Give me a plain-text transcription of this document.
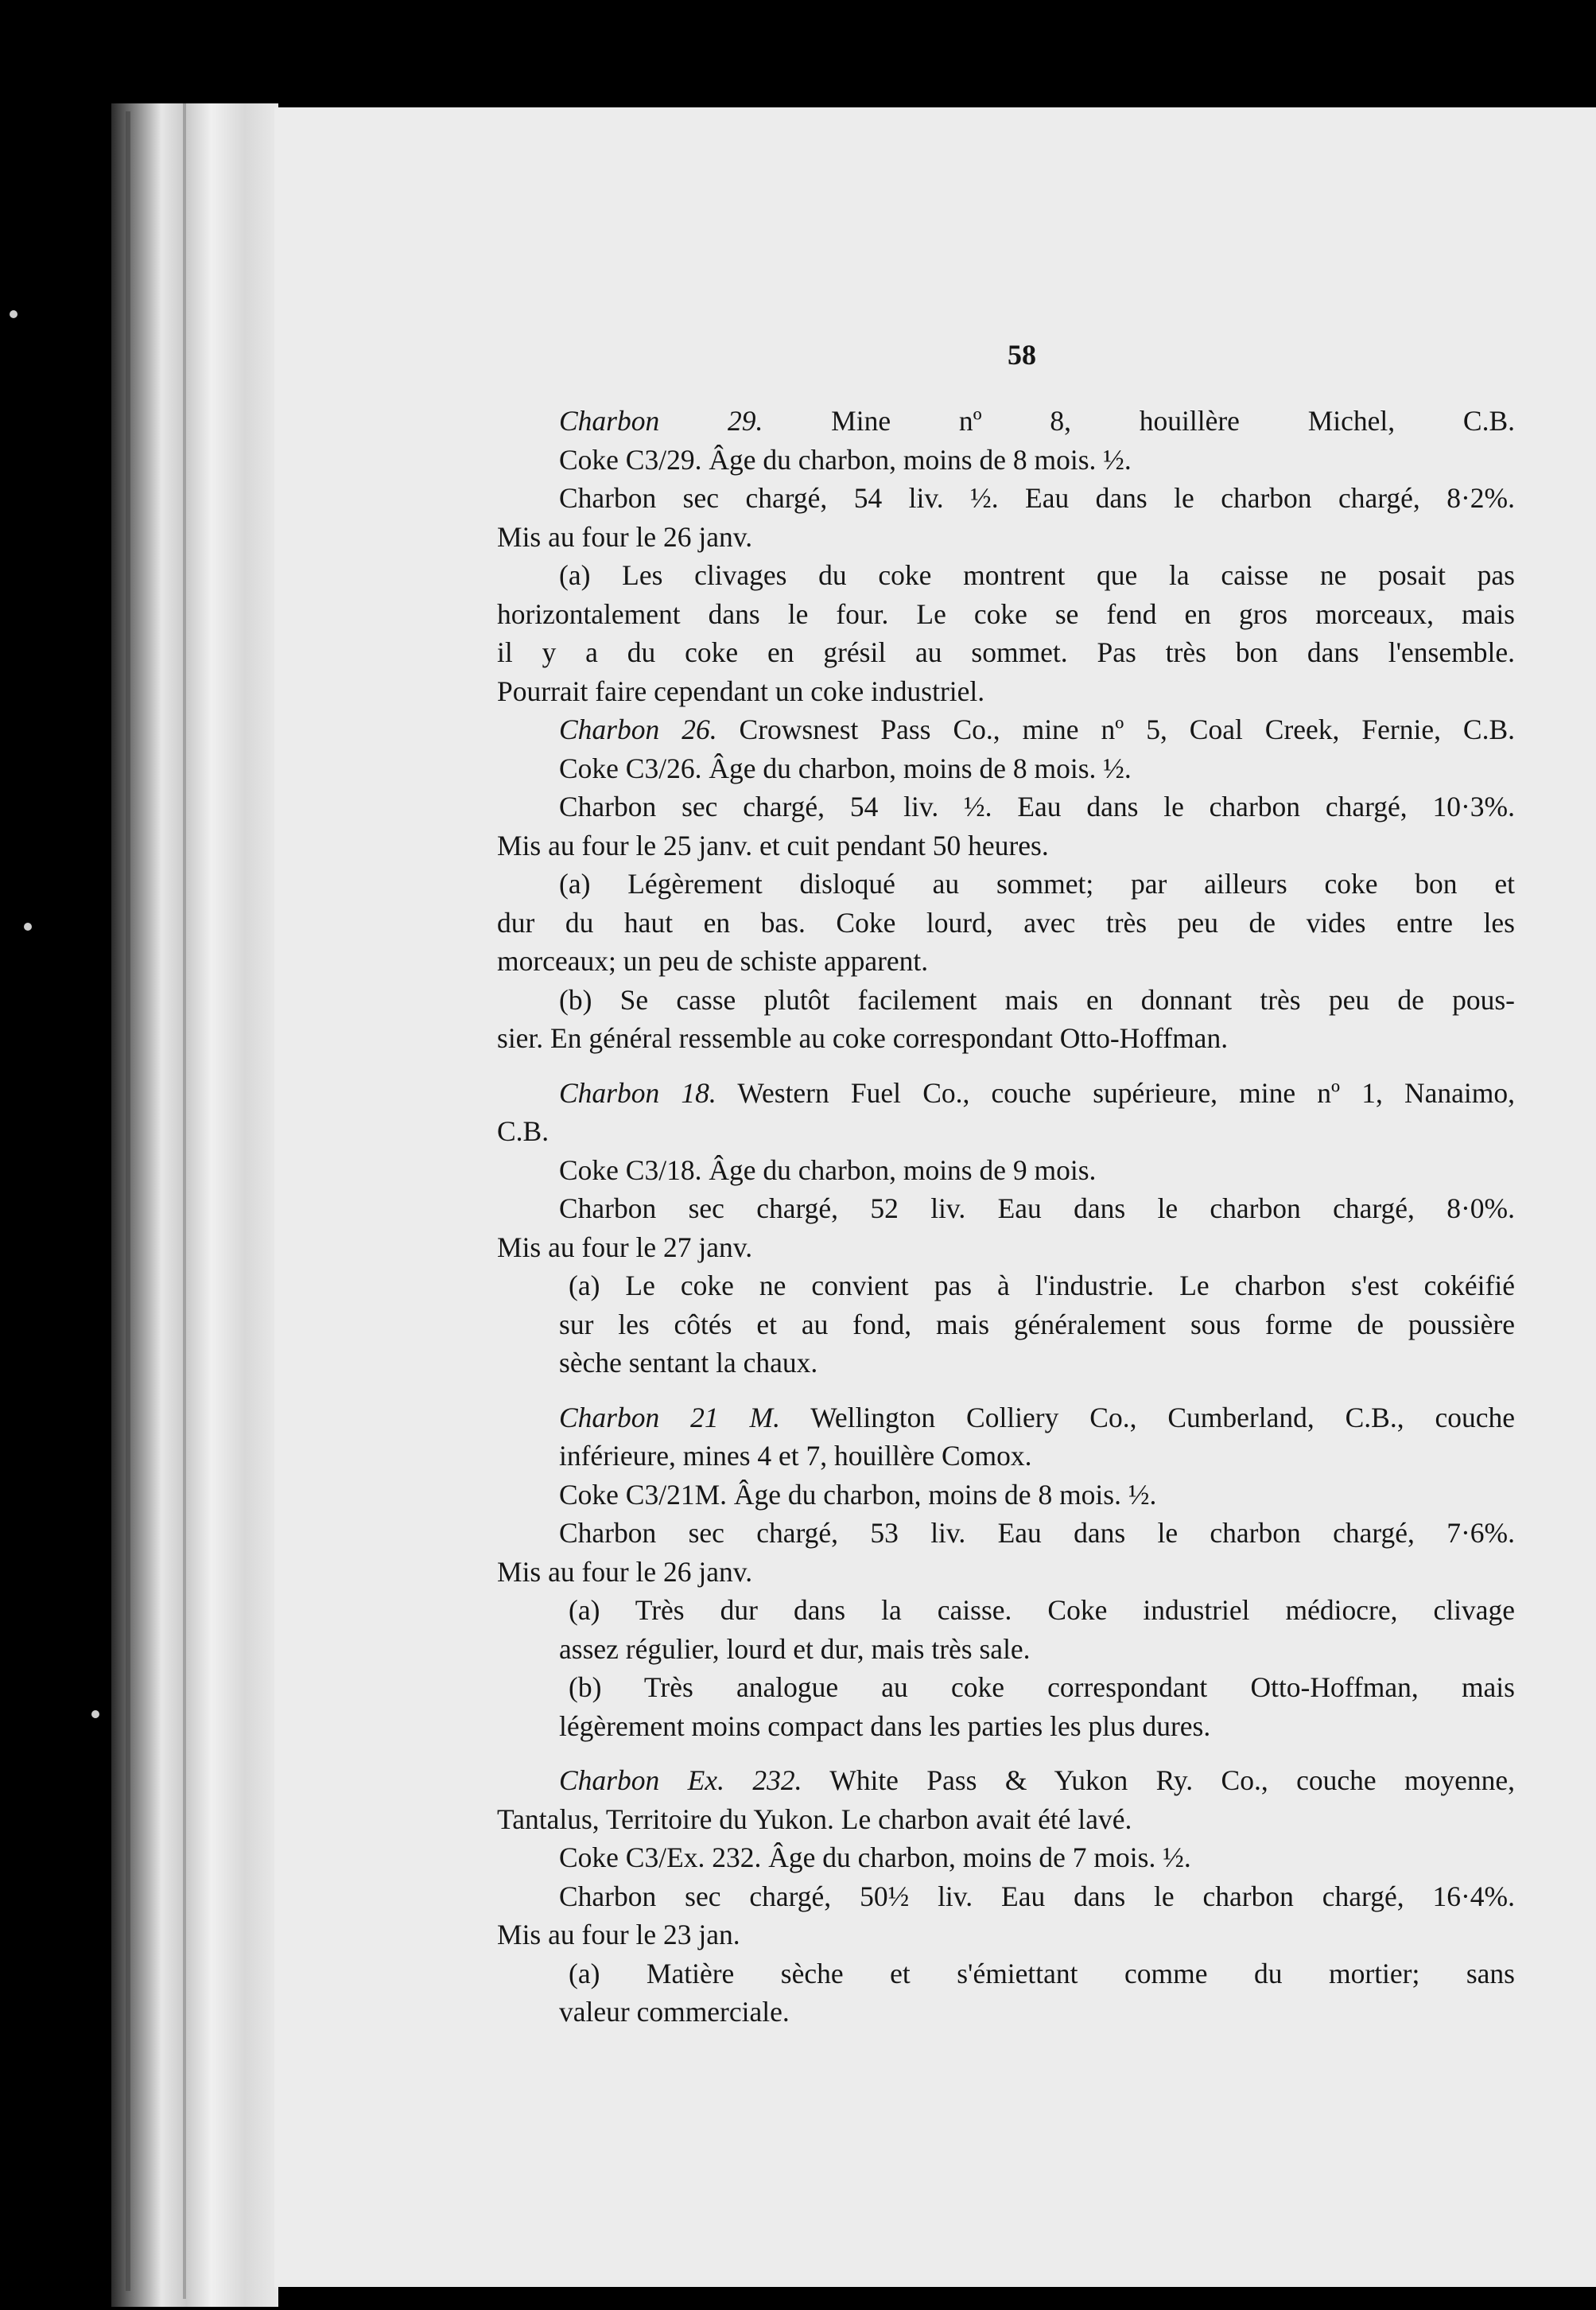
58
Charbon 29. Mine nº 8, houillère Michel, C.B.
Coke C3/29. Âge du charbon, moins de 8 mois. ½.
Charbon sec chargé, 54 liv. ½. Eau dans le charbon chargé, 8·2%.
Mis au four le 26 janv.
(a) Les clivages du coke montrent que la caisse ne posait pas
horizontalement dans le four. Le coke se fend en gros morceaux, mais
il y a du coke en grésil au sommet. Pas très bon dans l'ensemble.
Pourrait faire cependant un coke industriel.
Charbon 26. Crowsnest Pass Co., mine nº 5, Coal Creek, Fernie, C.B.
Coke C3/26. Âge du charbon, moins de 8 mois. ½.
Charbon sec chargé, 54 liv. ½. Eau dans le charbon chargé, 10·3%.
Mis au four le 25 janv. et cuit pendant 50 heures.
(a) Légèrement disloqué au sommet; par ailleurs coke bon et
dur du haut en bas. Coke lourd, avec très peu de vides entre les
morceaux; un peu de schiste apparent.
(b) Se casse plutôt facilement mais en donnant très peu de pous-
sier. En général ressemble au coke correspondant Otto-Hoffman.
Charbon 18. Western Fuel Co., couche supérieure, mine nº 1, Nanaimo,
C.B.
Coke C3/18. Âge du charbon, moins de 9 mois.
Charbon sec chargé, 52 liv. Eau dans le charbon chargé, 8·0%.
Mis au four le 27 janv.
(a) Le coke ne convient pas à l'industrie. Le charbon s'est cokéifié
sur les côtés et au fond, mais généralement sous forme de poussière
sèche sentant la chaux.
Charbon 21 M. Wellington Colliery Co., Cumberland, C.B., couche
inférieure, mines 4 et 7, houillère Comox.
Coke C3/21M. Âge du charbon, moins de 8 mois. ½.
Charbon sec chargé, 53 liv. Eau dans le charbon chargé, 7·6%.
Mis au four le 26 janv.
(a) Très dur dans la caisse. Coke industriel médiocre, clivage
assez régulier, lourd et dur, mais très sale.
(b) Très analogue au coke correspondant Otto-Hoffman, mais
légèrement moins compact dans les parties les plus dures.
Charbon Ex. 232. White Pass & Yukon Ry. Co., couche moyenne,
Tantalus, Territoire du Yukon. Le charbon avait été lavé.
Coke C3/Ex. 232. Âge du charbon, moins de 7 mois. ½.
Charbon sec chargé, 50½ liv. Eau dans le charbon chargé, 16·4%.
Mis au four le 23 jan.
(a) Matière sèche et s'émiettant comme du mortier; sans
valeur commerciale.
